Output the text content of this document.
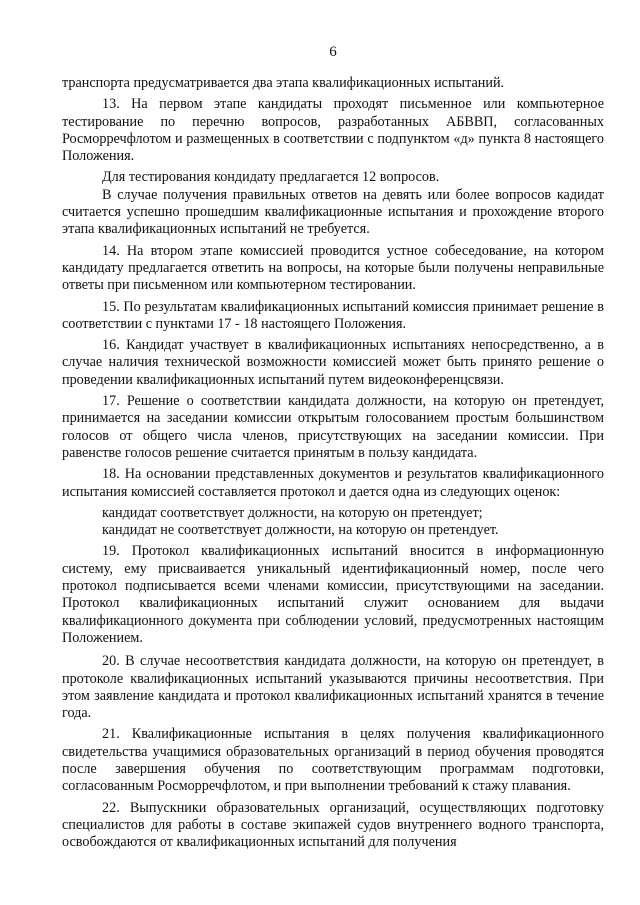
6

транспорта предусматривается два этапа квалификационных испытаний.

13. На первом этапе кандидаты проходят письменное или компьютерное тестирование по перечню вопросов, разработанных АБВВП, согласованных Росморречфлотом и размещенных в соответствии с подпунктом «д» пункта 8 настоящего Положения.

Для тестирования кондидату предлагается 12 вопросов.

В случае получения правильных ответов на девять или более вопросов кадидат считается успешно прошедшим квалификационные испытания и прохождение второго этапа квалификационных испытаний не требуется.

14. На втором этапе комиссией проводится устное собеседование, на котором кандидату предлагается ответить на вопросы, на которые были получены неправильные ответы при письменном или компьютерном тестировании.

15. По результатам квалификационных испытаний комиссия принимает решение в соответствии с пунктами 17 - 18 настоящего Положения.

16. Кандидат участвует в квалификационных испытаниях непосредственно, а в случае наличия технической возможности комиссией может быть принято решение о проведении квалификационных испытаний путем видеоконференцсвязи.

17. Решение о соответствии кандидата должности, на которую он претендует, принимается на заседании комиссии открытым голосованием простым большинством голосов от общего числа членов, присутствующих на заседании комиссии. При равенстве голосов решение считается принятым в пользу кандидата.

18. На основании представленных документов и результатов квалификационного испытания комиссией составляется протокол и дается одна из следующих оценок:

кандидат соответствует должности, на которую он претендует;

кандидат не соответствует должности, на которую он претендует.

19. Протокол квалификационных испытаний вносится в информационную систему, ему присваивается уникальный идентификационный номер, после чего протокол подписывается всеми членами комиссии, присутствующими на заседании. Протокол квалификационных испытаний служит основанием для выдачи квалификационного документа при соблюдении условий, предусмотренных настоящим Положением.

20. В случае несоответствия кандидата должности, на которую он претендует, в протоколе квалификационных испытаний указываются причины несоответствия. При этом заявление кандидата и протокол квалификационных испытаний хранятся в течение года.

21. Квалификационные испытания в целях получения квалификационного свидетельства учащимися образовательных организаций в период обучения проводятся после завершения обучения по соответствующим программам подготовки, согласованным Росморречфлотом, и при выполнении требований к стажу плавания.

22. Выпускники образовательных организаций, осуществляющих подготовку специалистов для работы в составе экипажей судов внутреннего водного транспорта, освобождаются от квалификационных испытаний для получения
